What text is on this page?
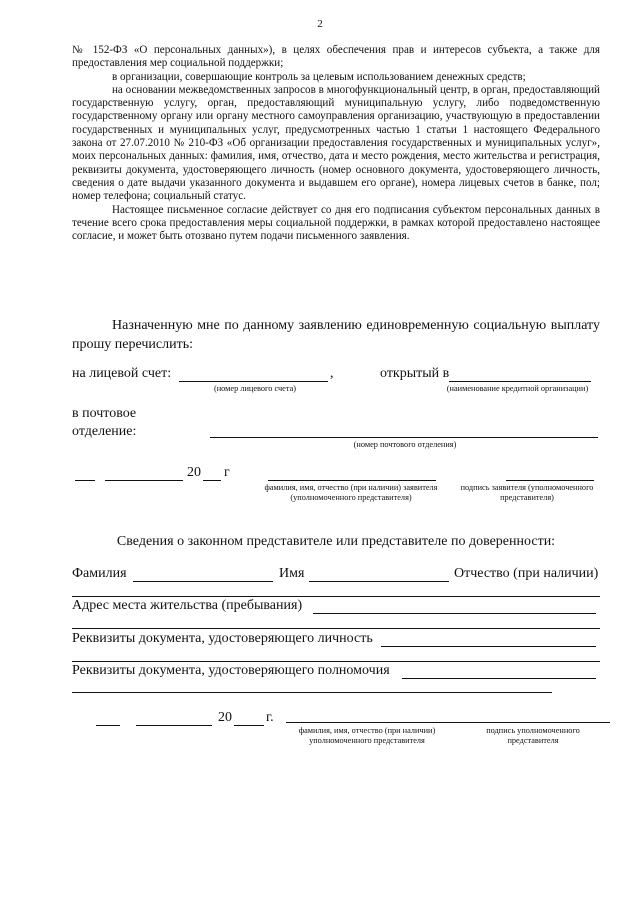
2

№ 152-ФЗ «О персональных данных»), в целях обеспечения прав и интересов субъекта, а также для предоставления мер социальной поддержки;

в организации, совершающие контроль за целевым использованием денежных средств;

на основании межведомственных запросов в многофункциональный центр, в орган, предоставляющий государственную услугу, орган, предоставляющий муниципальную услугу, либо подведомственную государственному органу или органу местного самоуправления организацию, участвующую в предоставлении государственных и муниципальных услуг, предусмотренных частью 1 статьи 1 настоящего Федерального закона от 27.07.2010 № 210-ФЗ «Об организации предоставления государственных и муниципальных услуг», моих персональных данных: фамилия, имя, отчество, дата и место рождения, место жительства и регистрация, реквизиты документа, удостоверяющего личность (номер основного документа, удостоверяющего личность, сведения о дате выдачи указанного документа и выдавшем его органе), номера лицевых счетов в банке, пол; номер телефона; социальный статус.

Настоящее письменное согласие действует со дня его подписания субъектом персональных данных в течение всего срока предоставления меры социальной поддержки, в рамках которой предоставлено настоящее согласие, и может быть отозвано путем подачи письменного заявления.

Назначенную мне по данному заявлению единовременную социальную выплату прошу перечислить:
на лицевой счет:	,	открытый в
(номер лицевого счета)	(наименование кредитной организации)
в почтовое
отделение:
(номер почтового отделения)
20 г
фамилия, имя, отчество (при наличии) заявителя (уполномоченного представителя)
подпись заявителя (уполномоченного представителя)
Сведения о законном представителе или представителе по доверенности:
Фамилия	Имя	Отчество (при наличии)
Адрес места жительства (пребывания)
Реквизиты документа, удостоверяющего личность
Реквизиты документа, удостоверяющего полномочия
20 г.
фамилия, имя, отчество (при наличии) уполномоченного представителя
подпись уполномоченного представителя
